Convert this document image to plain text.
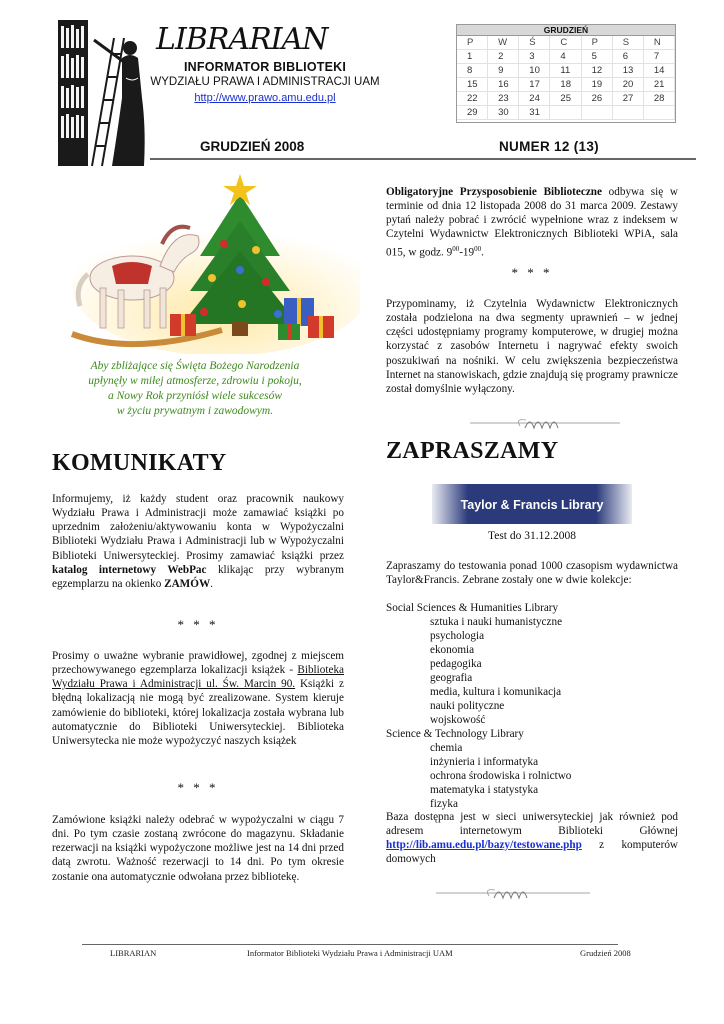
LIBRARIAN
INFORMATOR BIBLIOTEKI
WYDZIAŁU PRAWA I ADMINISTRACJI UAM
http://www.prawo.amu.edu.pl
GRUDZIEŃ
P	W	Ś	C	P	S	N
1	2	3	4	5	6	7
8	9	10	11	12	13	14
15	16	17	18	19	20	21
22	23	24	25	26	27	28
29	30	31
GRUDZIEŃ 2008	NUMER 12 (13)
Aby zbliżające się Święta Bożego Narodzenia
upłynęły w miłej atmosferze, zdrowiu i pokoju,
a Nowy Rok przyniósł wiele sukcesów
w życiu prywatnym i zawodowym.
KOMUNIKATY
Informujemy, iż każdy student oraz pracownik naukowy Wydziału Prawa i Administracji może zamawiać książki po uprzednim założeniu/aktywowaniu konta w Wypożyczalni Biblioteki Wydziału Prawa i Administracji lub w Wypożyczalni Biblioteki Uniwersyteckiej. Prosimy zamawiać książki przez katalog internetowy WebPac klikając przy wybranym egzemplarzu na okienko ZAMÓW.
* * *
Prosimy o uważne wybranie prawidłowej, zgodnej z miejscem przechowywanego egzemplarza lokalizacji książek - Biblioteka Wydziału Prawa i Administracji ul. Św. Marcin 90. Książki z błędną lokalizacją nie mogą być zrealizowane. System kieruje zamówienie do biblioteki, której lokalizacja została wybrana lub automatycznie do Biblioteki Uniwersyteckiej. Biblioteka Uniwersytecka nie może wypożyczyć naszych książek
* * *
Zamówione książki należy odebrać w wypożyczalni w ciągu 7 dni. Po tym czasie zostaną zwrócone do magazynu. Składanie rezerwacji na książki wypożyczone możliwe jest na 14 dni przed datą zwrotu. Ważność rezerwacji to 14 dni. Po tym okresie zostanie ona automatycznie odwołana przez bibliotekę.
Obligatoryjne Przysposobienie Biblioteczne odbywa się w terminie od dnia 12 listopada 2008 do 31 marca 2009. Zestawy pytań należy pobrać i zwrócić wypełnione wraz z indeksem w Czytelni Wydawnictw Elektronicznych Biblioteki WPiA, sala 015, w godz. $9^{00}-19^{00}$.
* * *
Przypominamy, iż Czytelnia Wydawnictw Elektronicznych została podzielona na dwa segmenty uprawnień – w jednej części udostępniamy programy komputerowe, w drugiej można korzystać z zasobów Internetu i nagrywać efekty swoich poszukiwań na nośniki. W celu zwiększenia bezpieczeństwa Internet na stanowiskach, gdzie znajdują się programy prawnicze został domyślnie wyłączony.
ZAPRASZAMY
Taylor & Francis Library
Test do 31.12.2008
Zapraszamy do testowania ponad 1000 czasopism wydawnictwa Taylor&Francis. Zebrane zostały one w dwie kolekcje:
Social Sciences & Humanities Library
sztuka i nauki humanistyczne
psychologia
ekonomia
pedagogika
geografia
media, kultura i komunikacja
nauki polityczne
wojskowość
Science & Technology Library
chemia
inżynieria i informatyka
ochrona środowiska i rolnictwo
matematyka i statystyka
fizyka
Baza dostępna jest w sieci uniwersyteckiej jak również pod adresem internetowym Biblioteki Głównej http://lib.amu.edu.pl/bazy/testowane.php z komputerów domowych
LIBRARIAN	Informator Biblioteki Wydziału Prawa i Administracji UAM	Grudzień 2008
